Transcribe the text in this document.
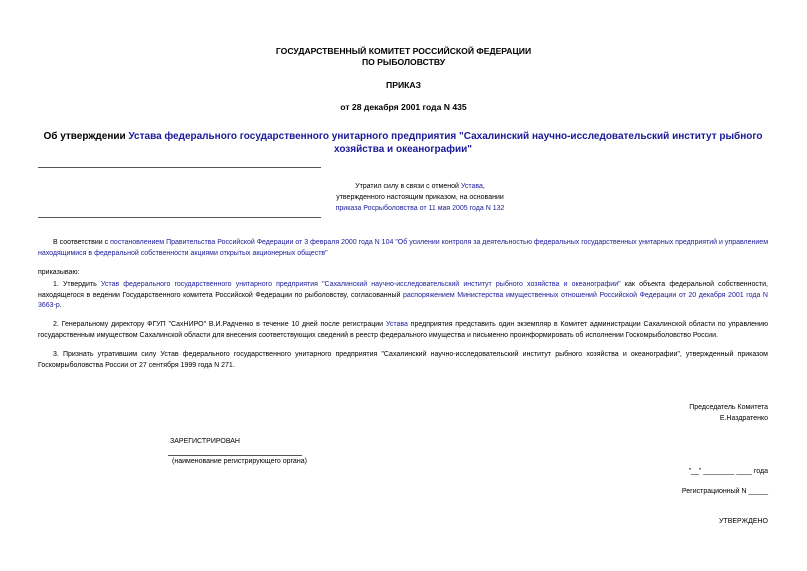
ГОСУДАРСТВЕННЫЙ КОМИТЕТ РОССИЙСКОЙ ФЕДЕРАЦИИ
ПО РЫБОЛОВСТВУ
ПРИКАЗ
от 28 декабря 2001 года N 435
Об утверждении Устава федерального государственного унитарного предприятия "Сахалинский научно-исследовательский институт рыбного хозяйства и океанографии"
Утратил силу в связи с отменой Устава,
утвержденного настоящим приказом, на основании
приказа Росрыболовства от 11 мая 2005 года N 132
В соответствии с постановлением Правительства Российской Федерации от 3 февраля 2000 года N 104 "Об усилении контроля за деятельностью федеральных государственных унитарных предприятий и управлением находящимися в федеральной собственности акциями открытых акционерных обществ"
приказываю:
1. Утвердить Устав федерального государственного унитарного предприятия "Сахалинский научно-исследовательский институт рыбного хозяйства и океанографии" как объекта федеральной собственности, находящегося в ведении Государственного комитета Российской Федерации по рыболовству, согласованный распоряжением Министерства имущественных отношений Российской Федерации от 20 декабря 2001 года N 3663-р.
2. Генеральному директору ФГУП "СахНИРО" В.И.Радченко в течение 10 дней после регистрации Устава предприятия представить один экземпляр в Комитет администрации Сахалинской области по управлению государственным имуществом Сахалинской области для внесения соответствующих сведений в реестр федерального имущества и письменно проинформировать об исполнении Госкомрыболовство России.
3. Признать утратившим силу Устав федерального государственного унитарного предприятия "Сахалинский научно-исследовательский институт рыбного хозяйства и океанографии", утвержденный приказом Госкомрыболовства России от 27 сентября 1999 года N 271.
Председатель Комитета
Е.Наздратенко
ЗАРЕГИСТРИРОВАН
(наименование регистрирующего органа)
"__" ________ ____ года
Регистрационный N _____
УТВЕРЖДЕНО
